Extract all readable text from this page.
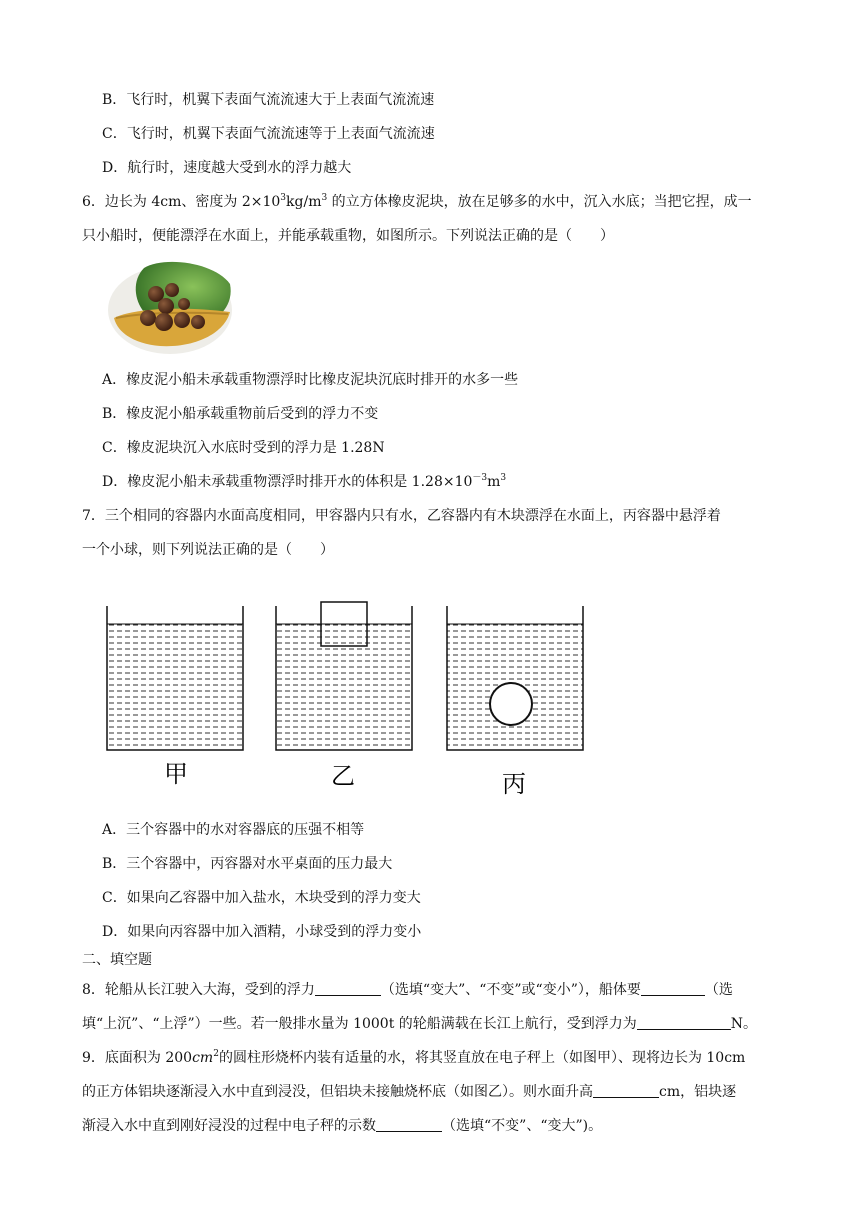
B．飞行时，机翼下表面气流流速大于上表面气流流速
C．飞行时，机翼下表面气流流速等于上表面气流流速
D．航行时，速度越大受到水的浮力越大
6．边长为 4cm、密度为 $2\times 10^3kg/m^3$ 的立方体橡皮泥块，放在足够多的水中，沉入水底；当把它捏，成一
只小船时，便能漂浮在水面上，并能承载重物，如图所示。下列说法正确的是（　　）
A．橡皮泥小船未承载重物漂浮时比橡皮泥块沉底时排开的水多一些
B．橡皮泥小船承载重物前后受到的浮力不变
C．橡皮泥块沉入水底时受到的浮力是 1.28N
D．橡皮泥小船未承载重物漂浮时排开水的体积是 $1.28\times 10^{-3}m^3$
7．三个相同的容器内水面高度相同，甲容器内只有水，乙容器内有木块漂浮在水面上，丙容器中悬浮着
一个小球，则下列说法正确的是（　　）
甲	乙	丙
A．三个容器中的水对容器底的压强不相等
B．三个容器中，丙容器对水平桌面的压力最大
C．如果向乙容器中加入盐水，木块受到的浮力变大
D．如果向丙容器中加入酒精，小球受到的浮力变小
二、填空题
8．轮船从长江驶入大海，受到的浮力	（选填“变大”、“不变”或“变小”），船体要	（选
填“上沉”、“上浮”）一些。若一般排水量为 1000t 的轮船满载在长江上航行，受到浮力为	N。
9．底面积为 $200cm^2$的圆柱形烧杯内装有适量的水，将其竖直放在电子秤上（如图甲）、现将边长为 10cm
的正方体铝块逐渐浸入水中直到浸没，但铝块未接触烧杯底（如图乙）。则水面升高	cm，铝块逐
渐浸入水中直到刚好浸没的过程中电子秤的示数	（选填“不变”、“变大”)。
